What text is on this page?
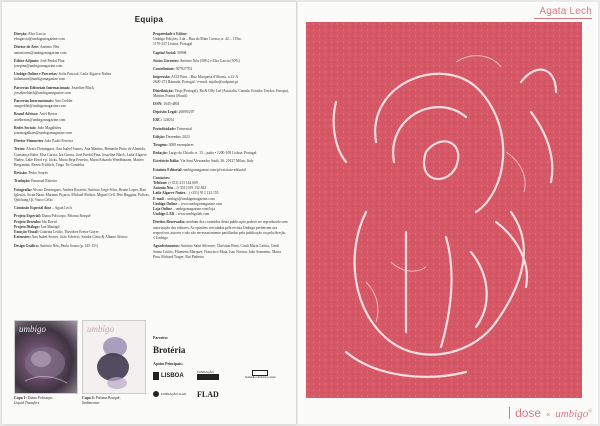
Equipa

Direção: Elsa Garcia
elsagarcia@umbigomagazine.com

Diretor de Arte: António Néu
antonioneu@umbigomagazine.com

Editor Adjunto: José Pardal Pina
josepina@umbigomagazine.com

Umbigo Online e Parcerias: Sofia Pascoal, Laila Algarve Nuñez
lailanunez@umbigomagazine.com

Parcerias Editoriais Internacionais: Josseline Black
josselineblack@umbigomagazine.com

Parcerias Internacionais: Ana Crebler
anagrebler@umbigomagazine.com

Brand Advisor: Ariel Bretas
arielbretas@umbigomagazine.com

Redes Sociais: João Magalhães
joaomagalhaes@umbigomagazine.com

Diretor Financeiro João Paulo Ferreira

Textos: Alvaro Domingues, Ana Isabel Soares, Ana Martins, Bernardo Pinto de Almeida, Constança Babo, Elsa Garcia, Iza Garcia, José Pardal Pina, Josseline Black, Laila Algarve Nuñez, Lake Elrod e p. hicks, Maria Beja Ferreira, Maria Eduarda Wendhausen, Matteo Bergamini, Renea Fröhlich, Tiago Tri-Candelas

Revisão: Pedro Soares

Tradução: Emanuel Raiteiro

Fotografia: Alvaro Domingues, Andrea Rossetti, António Jorge Silva, Bruno Lopes, Bart Iglesias, Swan Baan, Mariano Piçarra, Michael Richter, Miguel Cell, Pete Huggins, Policas, Quichang Qi, Vasco Célio

Comissão Especial dose – Agata Lech

Projeto Especial: Diana Policarpo, Paloma Bosquê
Projeto Desenho: Ida David
Projeto Diálogo: Lea Managil
Emoção Visual: Catarina Leitão, Theodore Ereira-Guyer
Extensões: Ana Isabel Soares, João Silvério, Sandra Cinto & Albano Afonso

Design Gráfico: António Néu, Paulo Sousa (p. 145-151)

Propriedade e Editor:
Umbigo Edições, Lda – Rua do Mato Grosso, n. 42 – 1 Dto.
1170-237 Lisboa, Portugal

Capital Social: 5000€

Sócios Gerentes: António Néu (50%) e Elsa Garcia (50%)

Contribuinte: 507927702

Impressão: ACD Print – Rua Marquesa d'Alorna, n.12-A
2620-271 Ramada, Portugal / e-mail: mjcihe@acdprint.pt

Distribuição: Vasp (Portugal), Ra & Olly Ltd (Australia, Canada, Estados Unidos, Europa), Martins Fontes (Brasil)

ISSN: 1645-4804

Depósito Legal: 260903/07

ERC: 124054

Periodicidade: Trimestral

Edição: Dezembro 2023

Tiragem: 3000 exemplares

Redação: Largo do Chiado, n. 15 – patio • 1200-108 Lisboa, Portugal

Escritório Itália: Via Sant'Alessandro Sauli, 26, 20127 Milan, Italy

Estatuto Editorial: umbigomagazine.com/pt/estatuto-editorial

Contactos:
Telefone: (+351) 213 144 609
Antonio Néu – (+351) 919 132 842
Laila Algarve Nuñez – (+351) 913 132 155
E-mail – umbigo@umbigomagazine.com
Umbigo Online – www.umbigomagazine.com
Loja Online – umbigomagazine.com/loja
Umbigo LAB – www.umbigolab.com

Direitos Reservados: nenhum dos conteúdos desta publicação poderá ser reproduzido sem autorização dos editores. As opiniões veiculadas pela revista Umbigo pertencem aos respectivos autores e não são necessariamente partilhadas pela publicação ou pela direção, ©Umbigo

Agradecimentos: António Saint Silvestre, Christian Brett, Cindi Maria Letitia, Cindi Sueno Loitão, Filomena Marques, Francisco Mota, Isao Norton, João Sarmento, Maria Pina, Richard Trager, Rui Pinheiro

umbigo	umbigo
Capa 1: Diana Policarpo,
Liquid Transfers
Capa 2: Paloma Bosquê,
Sedimentar
Parceiro:
Brotéria
Apoios Principais:
LISBOA
FUNDAÇÃO
fundação carmona e costa
FUNDAÇÃO FLAD FLAD
Agata Lech
dose × umbigo®
